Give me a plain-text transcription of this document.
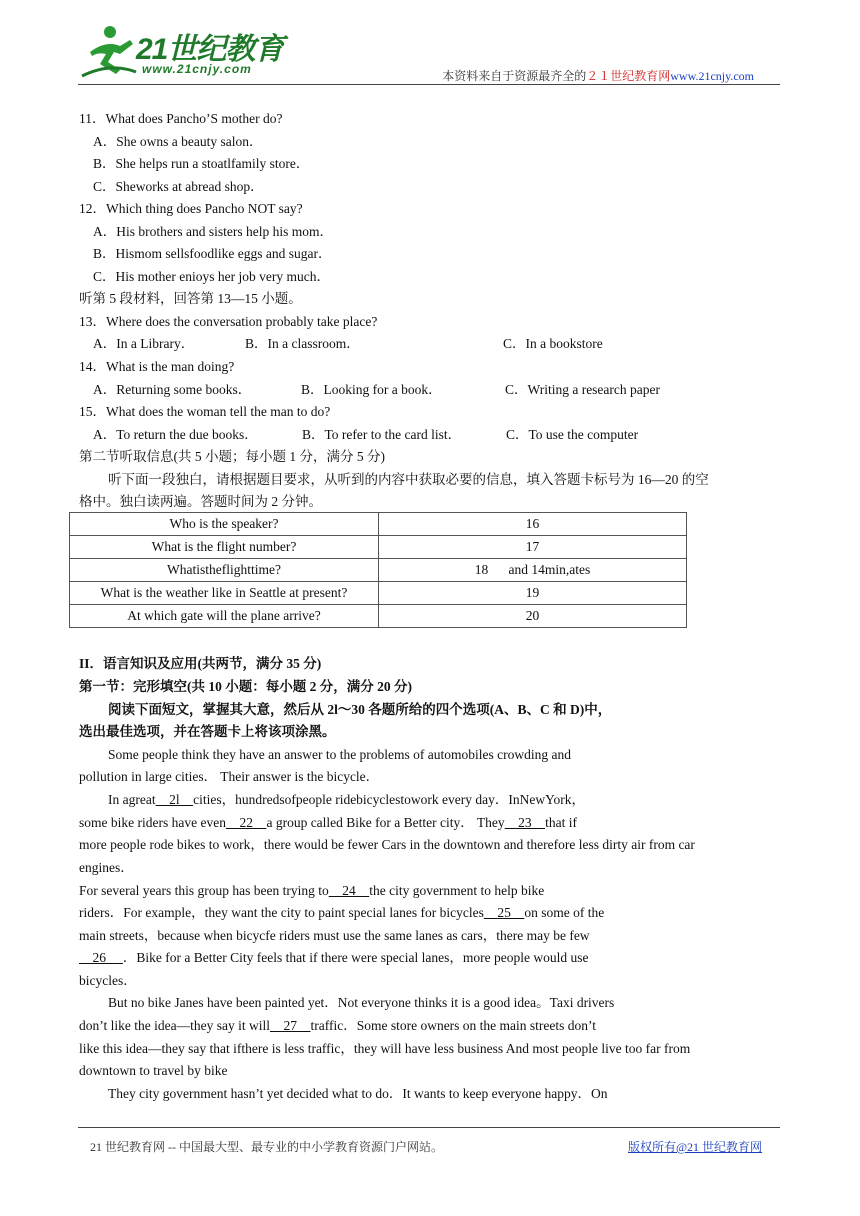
21世纪教育
www.21cnjy.com	本资料来自于资源最齐全的２１世纪教育网www.21cnjy.com
11．What does Pancho’S mother do?
A．She owns a beauty salon．
B．She helps run a stoatlfamily store．
C．Sheworks at abread shop．
12．Which thing does Pancho NOT say?
A．His brothers and sisters help his mom．
B．Hismom sellsfoodlike eggs and sugar．
C．His mother enioys her job very much．
听第 5 段材料，回答第 13—15 小题。
13．Where does the conversation probably take place?
A．In a Library．	B．In a classroom．	C．In a bookstore
14．What is the man doing?
A．Returning some books．	B．Looking for a book．	C．Writing a research paper
15．What does the woman tell the man to do?
A．To return the due books．	B．To refer to the card list．	C．To use the computer
第二节听取信息(共 5 小题；每小题 1 分，满分 5 分)
听下面一段独白，请根据题目要求，从听到的内容中获取必要的信息，填入答题卡标号为 16—20 的空
格中。独白读两遍。答题时间为 2 分钟。
Who is the speaker?	16
What is the flight number?	17
Whatistheflighttime?	18      and 14min,ates
What is the weather like in Seattle at present?	19
At which gate will the plane arrive?	20
II．语言知识及应用(共两节，满分 35 分)
第一节：完形填空(共 10 小题：每小题 2 分，满分 20 分)
阅读下面短文，掌握其大意，然后从 2l～30 各题所给的四个选项(A、B、C 和 D)中，
选出最佳选项，并在答题卡上将该项涂黑。
Some people think they have an answer to the problems of automobiles crowding and
pollution in large cities． Their answer is the bicycle．
In agreat    2l    cities，hundredsofpeople ridebicyclestowork every day．InNewYork，
some bike riders have even    22    a group called Bike for a Better city． They    23    that if
more people rode bikes to work，there would be fewer Cars in the downtown and therefore less dirty air from car
engines．
For several years this group has been trying to    24    the city government to help bike
riders．For example，they want the city to paint special lanes for bicycles    25    on some of the
main streets，because when bicycfe riders must use the same lanes as cars，there may be few
26     ．Bike for a Better City feels that if there were special lanes，more people would use
bicycles．
But no bike Janes have been painted yet．Not everyone thinks it is a good idea。Taxi drivers
don’t like the idea—they say it will    27    traffic．Some store owners on the main streets don’t
like this idea—they say that ifthere is less traffic，they will have less business And most people live too far from
downtown to travel by bike
They city government hasn’t yet decided what to do．It wants to keep everyone happy．On
21 世纪教育网 -- 中国最大型、最专业的中小学教育资源门户网站。	版权所有@21 世纪教育网
